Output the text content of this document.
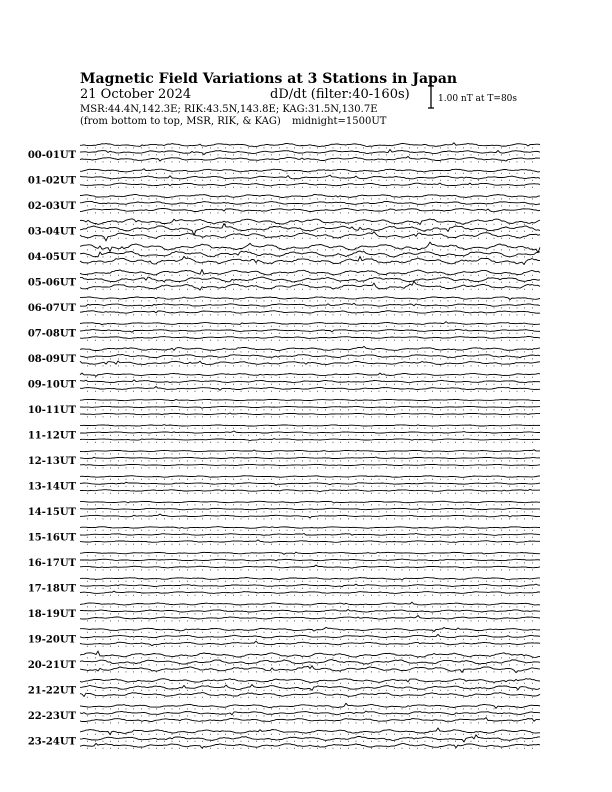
Magnetic Field Variations at 3 Stations in Japan
21 October 2024	dD/dt (filter:40-160s)
MSR:44.4N,142.3E; RIK:43.5N,143.8E; KAG:31.5N,130.7E
(from bottom to top, MSR, RIK, & KAG) midnight=1500UT
1.00 nT at T=80s
00-01UT
01-02UT
02-03UT
03-04UT
04-05UT
05-06UT
06-07UT
07-08UT
08-09UT
09-10UT
10-11UT
11-12UT
12-13UT
13-14UT
14-15UT
15-16UT
16-17UT
17-18UT
18-19UT
19-20UT
20-21UT
21-22UT
22-23UT
23-24UT
